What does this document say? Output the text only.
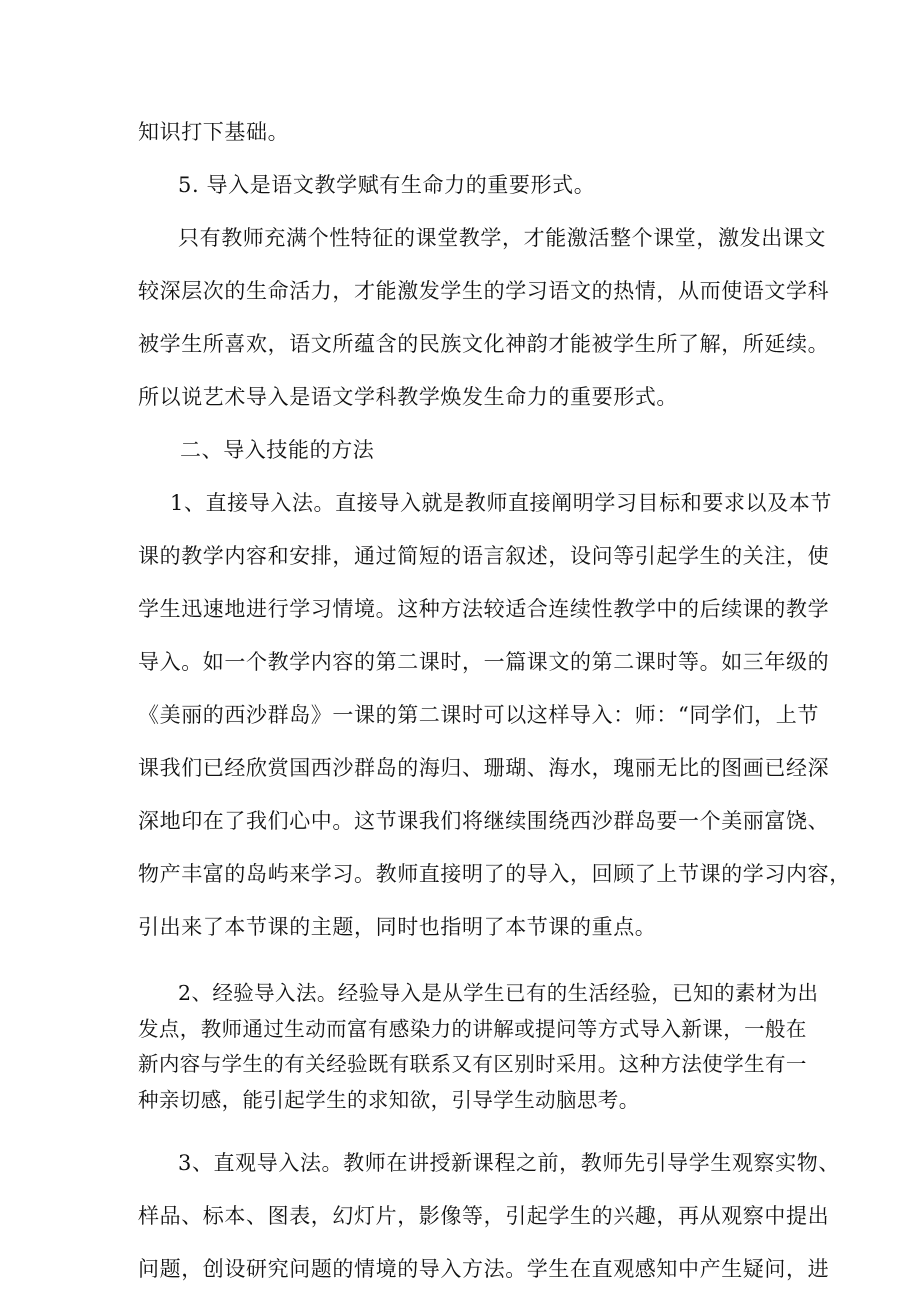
知识打下基础。
5. 导入是语文教学赋有生命力的重要形式。
只有教师充满个性特征的课堂教学，才能激活整个课堂，激发出课文
较深层次的生命活力，才能激发学生的学习语文的热情，从而使语文学科
被学生所喜欢，语文所蕴含的民族文化神韵才能被学生所了解，所延续。
所以说艺术导入是语文学科教学焕发生命力的重要形式。
二、导入技能的方法
1、直接导入法。直接导入就是教师直接阐明学习目标和要求以及本节
课的教学内容和安排，通过简短的语言叙述，设问等引起学生的关注，使
学生迅速地进行学习情境。这种方法较适合连续性教学中的后续课的教学
导入。如一个教学内容的第二课时，一篇课文的第二课时等。如三年级的
《美丽的西沙群岛》一课的第二课时可以这样导入：师：“同学们，上节
课我们已经欣赏国西沙群岛的海归、珊瑚、海水，瑰丽无比的图画已经深
深地印在了我们心中。这节课我们将继续围绕西沙群岛要一个美丽富饶、
物产丰富的岛屿来学习。教师直接明了的导入，回顾了上节课的学习内容，
引出来了本节课的主题，同时也指明了本节课的重点。
2、经验导入法。经验导入是从学生已有的生活经验，已知的素材为出
发点，教师通过生动而富有感染力的讲解或提问等方式导入新课，一般在
新内容与学生的有关经验既有联系又有区别时采用。这种方法使学生有一
种亲切感，能引起学生的求知欲，引导学生动脑思考。
3、直观导入法。教师在讲授新课程之前，教师先引导学生观察实物、
样品、标本、图表，幻灯片，影像等，引起学生的兴趣，再从观察中提出
问题，创设研究问题的情境的导入方法。学生在直观感知中产生疑问，进
